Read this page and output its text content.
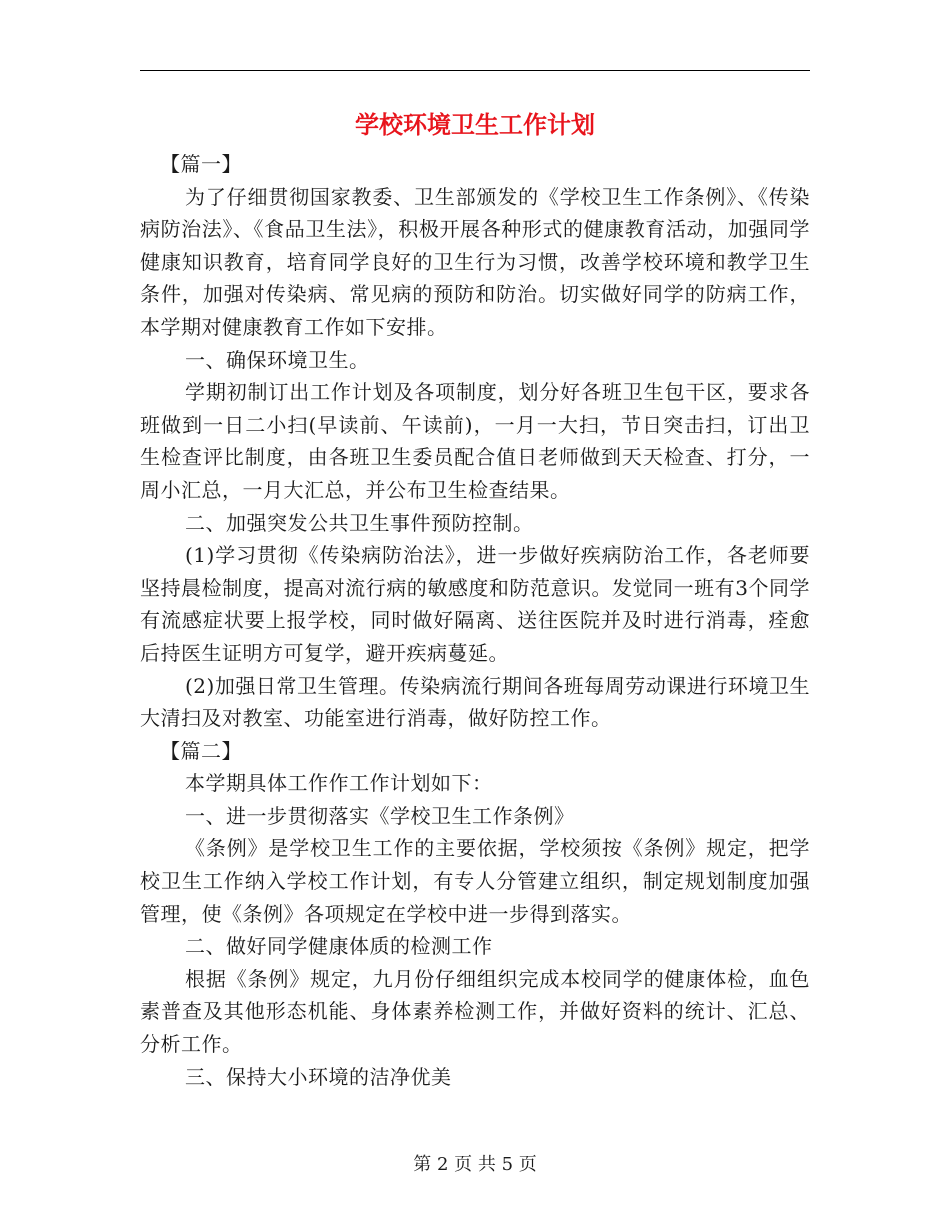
学校环境卫生工作计划

【篇一】

为了仔细贯彻国家教委、卫生部颁发的《学校卫生工作条例》、《传染病防治法》、《食品卫生法》，积极开展各种形式的健康教育活动，加强同学健康知识教育，培育同学良好的卫生行为习惯，改善学校环境和教学卫生条件，加强对传染病、常见病的预防和防治。切实做好同学的防病工作，本学期对健康教育工作如下安排。

一、确保环境卫生。

学期初制订出工作计划及各项制度，划分好各班卫生包干区，要求各班做到一日二小扫(早读前、午读前)，一月一大扫，节日突击扫，订出卫生检查评比制度，由各班卫生委员配合值日老师做到天天检查、打分，一周小汇总，一月大汇总，并公布卫生检查结果。

二、加强突发公共卫生事件预防控制。

(1)学习贯彻《传染病防治法》，进一步做好疾病防治工作，各老师要坚持晨检制度，提高对流行病的敏感度和防范意识。发觉同一班有3个同学有流感症状要上报学校，同时做好隔离、送往医院并及时进行消毒，痊愈后持医生证明方可复学，避开疾病蔓延。

(2)加强日常卫生管理。传染病流行期间各班每周劳动课进行环境卫生大清扫及对教室、功能室进行消毒，做好防控工作。

【篇二】

本学期具体工作作工作计划如下：

一、进一步贯彻落实《学校卫生工作条例》

《条例》是学校卫生工作的主要依据，学校须按《条例》规定，把学校卫生工作纳入学校工作计划，有专人分管建立组织，制定规划制度加强管理，使《条例》各项规定在学校中进一步得到落实。

二、做好同学健康体质的检测工作

根据《条例》规定，九月份仔细组织完成本校同学的健康体检，血色素普查及其他形态机能、身体素养检测工作，并做好资料的统计、汇总、分析工作。

三、保持大小环境的洁净优美

第 2 页 共 5 页
